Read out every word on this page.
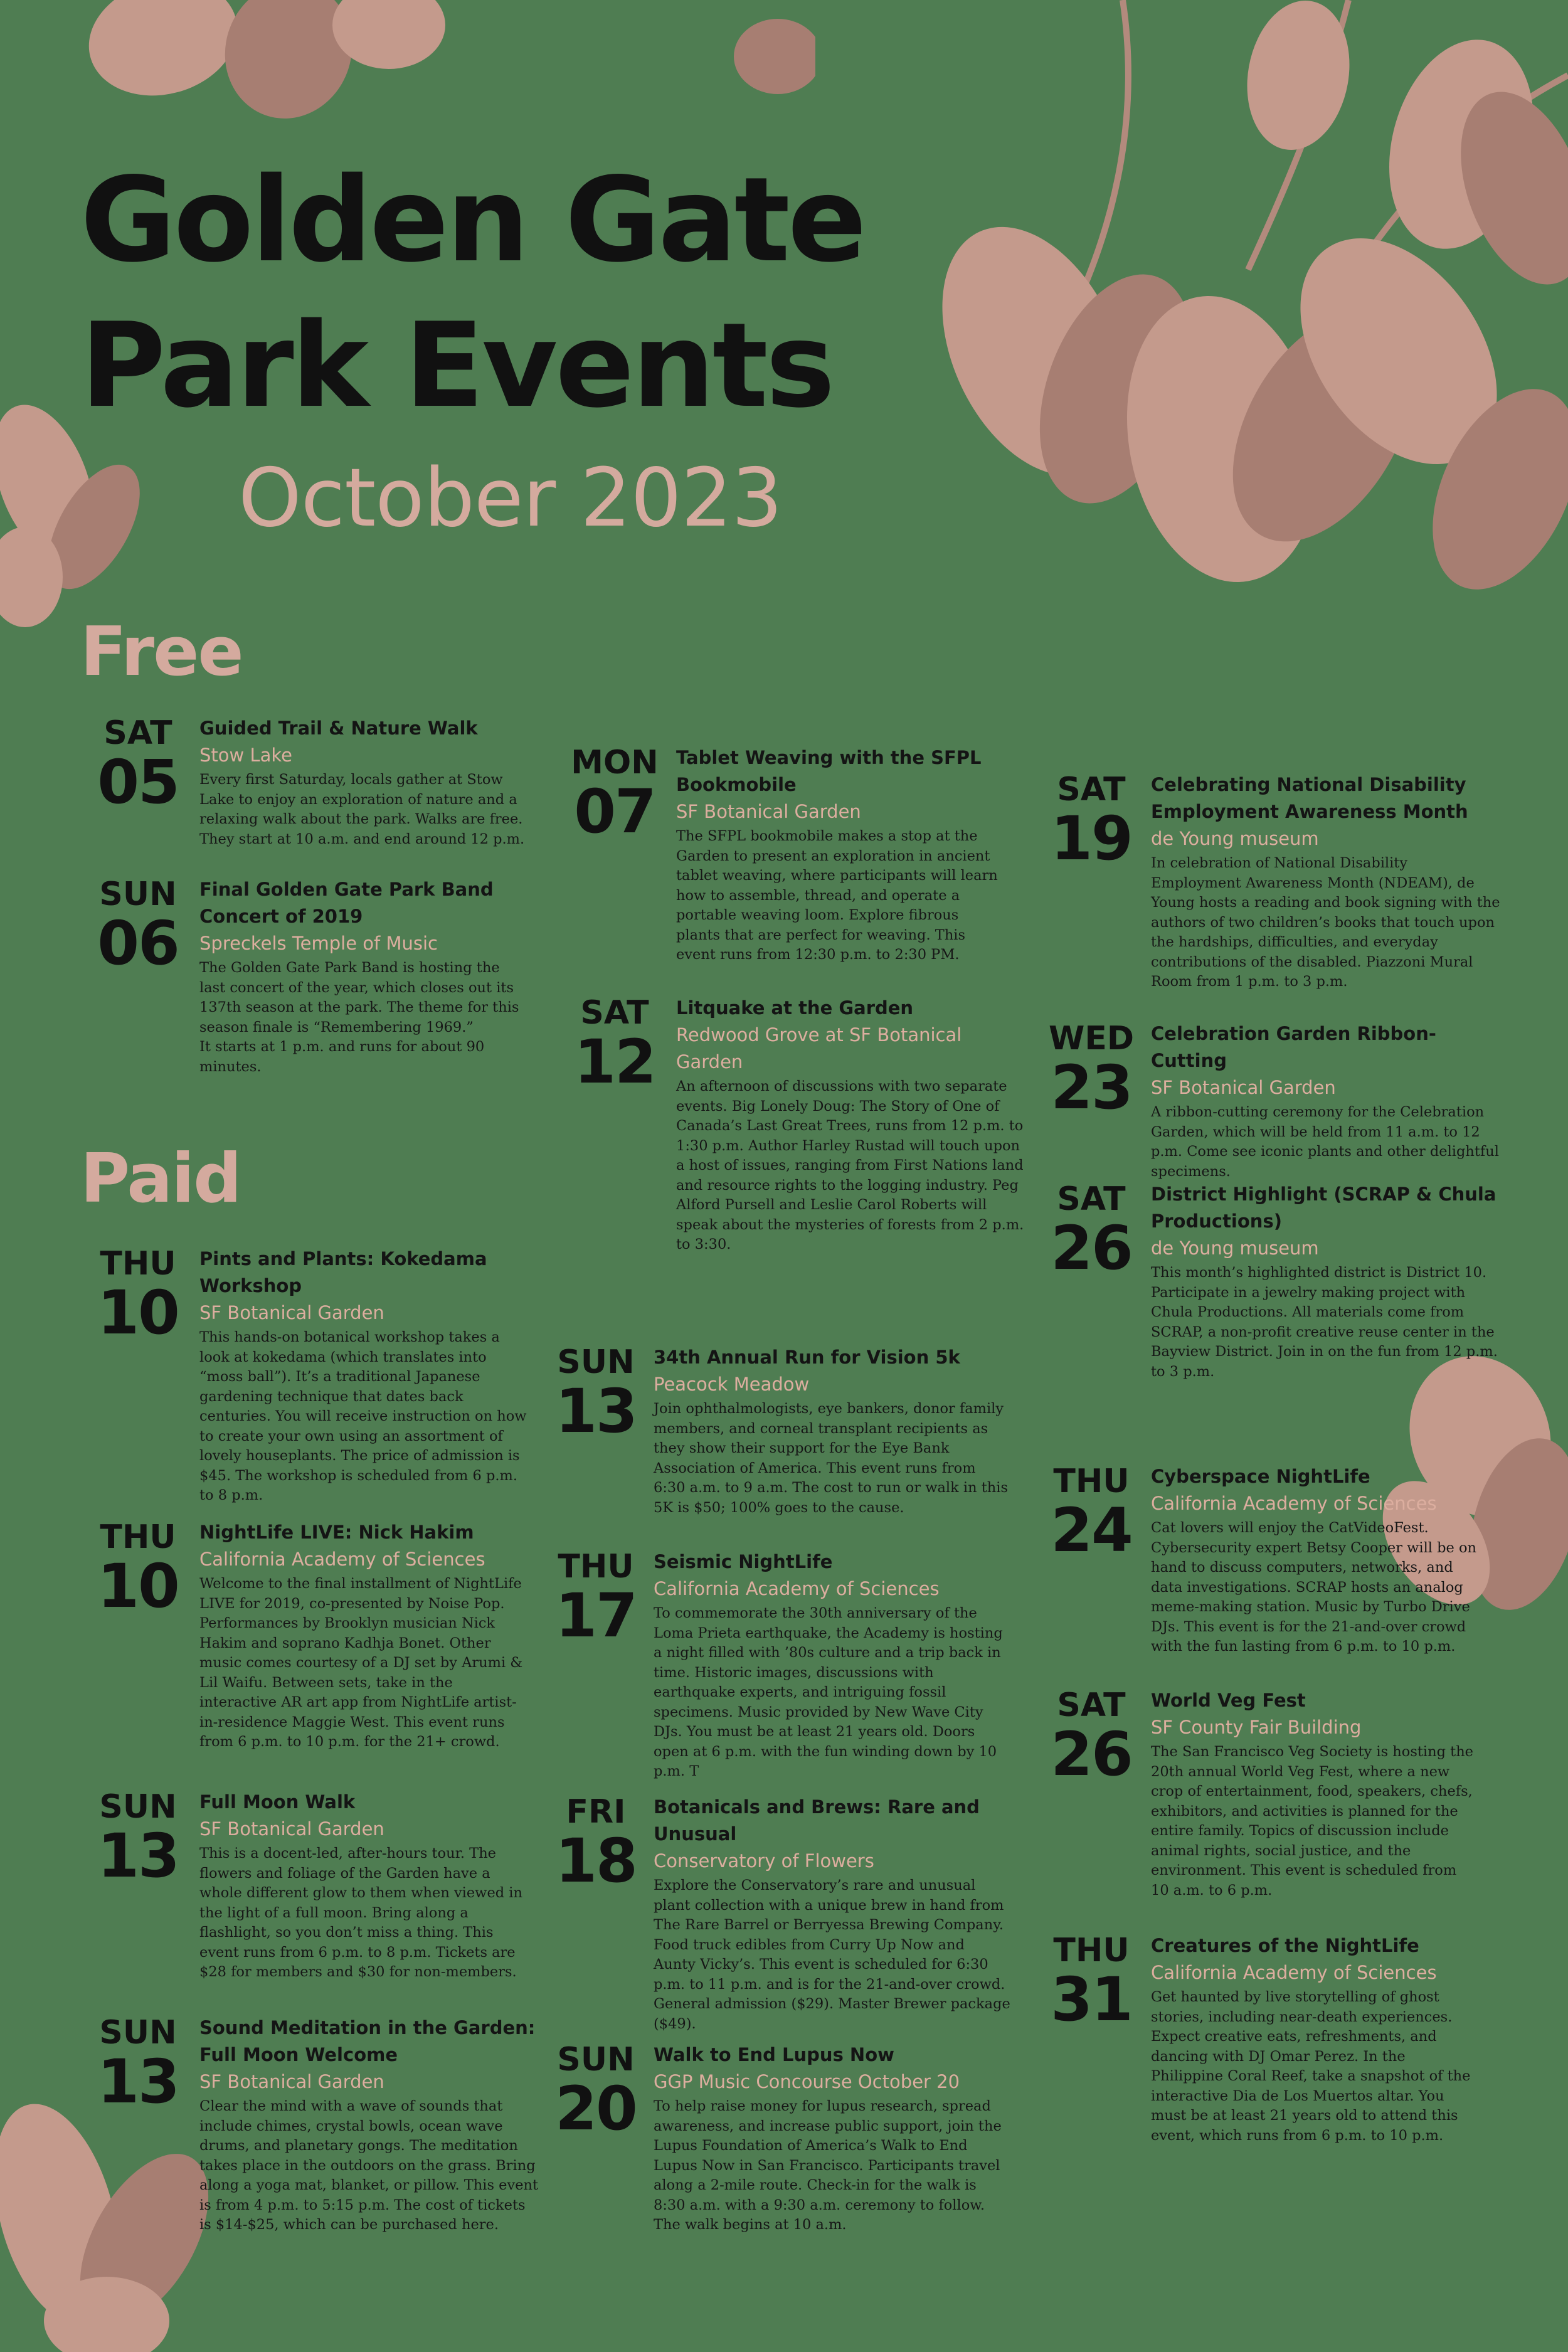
Golden Gate
Park Events
October 2023
Free
Paid
SAT
05
Guided Trail & Nature Walk
Stow Lake
Every first Saturday, locals gather at Stow Lake to enjoy an exploration of nature and a relaxing walk about the park. Walks are free. They start at 10 a.m. and end around 12 p.m.
SUN
06
Final Golden Gate Park Band Concert of 2019
Spreckels Temple of Music
The Golden Gate Park Band is hosting the last concert of the year, which closes out its 137th season at the park. The theme for this season finale is “Remembering 1969.”
It starts at 1 p.m. and runs for about 90 minutes.
THU
10
Pints and Plants: Kokedama Workshop
SF Botanical Garden
This hands-on botanical workshop takes a look at kokedama (which translates into “moss ball”). It’s a traditional Japanese gardening technique that dates back centuries. You will receive instruction on how to create your own using an assortment of lovely houseplants. The price of admission is $45. The workshop is scheduled from 6 p.m. to 8 p.m.
THU
10
NightLife LIVE: Nick Hakim
California Academy of Sciences
Welcome to the final installment of NightLife LIVE for 2019, co-presented by Noise Pop. Performances by Brooklyn musician Nick Hakim and soprano Kadhja Bonet. Other music comes courtesy of a DJ set by Arumi & Lil Waifu. Between sets, take in the interactive AR art app from NightLife artist-in-residence Maggie West. This event runs from 6 p.m. to 10 p.m. for the 21+ crowd.
SUN
13
Full Moon Walk
SF Botanical Garden
This is a docent-led, after-hours tour. The flowers and foliage of the Garden have a whole different glow to them when viewed in the light of a full moon. Bring along a flashlight, so you don’t miss a thing. This event runs from 6 p.m. to 8 p.m. Tickets are $28 for members and $30 for non-members.
SUN
13
Sound Meditation in the Garden: Full Moon Welcome
SF Botanical Garden
Clear the mind with a wave of sounds that include chimes, crystal bowls, ocean wave drums, and planetary gongs. The meditation takes place in the outdoors on the grass. Bring along a yoga mat, blanket, or pillow. This event is from 4 p.m. to 5:15 p.m. The cost of tickets is $14-$25, which can be purchased here.
MON
07
Tablet Weaving with the SFPL Bookmobile
SF Botanical Garden
The SFPL bookmobile makes a stop at the Garden to present an exploration in ancient tablet weaving, where participants will learn how to assemble, thread, and operate a portable weaving loom. Explore fibrous plants that are perfect for weaving. This event runs from 12:30 p.m. to 2:30 PM.
SAT
12
Litquake at the Garden
Redwood Grove at SF Botanical Garden
An afternoon of discussions with two separate events. Big Lonely Doug: The Story of One of Canada’s Last Great Trees, runs from 12 p.m. to 1:30 p.m. Author Harley Rustad will touch upon a host of issues, ranging from First Nations land and resource rights to the logging industry. Peg Alford Pursell and Leslie Carol Roberts will speak about the mysteries of forests from 2 p.m. to 3:30.
SUN
13
34th Annual Run for Vision 5k
Peacock Meadow
Join ophthalmologists, eye bankers, donor family members, and corneal transplant recipients as they show their support for the Eye Bank Association of America. This event runs from 6:30 a.m. to 9 a.m. The cost to run or walk in this 5K is $50; 100% goes to the cause.
THU
17
Seismic NightLife
California Academy of Sciences
To commemorate the 30th anniversary of the Loma Prieta earthquake, the Academy is hosting a night filled with ’80s culture and a trip back in time. Historic images, discussions with earthquake experts, and intriguing fossil specimens. Music provided by New Wave City DJs. You must be at least 21 years old. Doors open at 6 p.m. with the fun winding down by 10 p.m. T
FRI
18
Botanicals and Brews: Rare and Unusual
Conservatory of Flowers
Explore the Conservatory’s rare and unusual plant collection with a unique brew in hand from The Rare Barrel or Berryessa Brewing Company. Food truck edibles from Curry Up Now and Aunty Vicky’s. This event is scheduled for 6:30 p.m. to 11 p.m. and is for the 21-and-over crowd. General admission ($29). Master Brewer package ($49).
SUN
20
Walk to End Lupus Now
GGP Music Concourse October 20
To help raise money for lupus research, spread awareness, and increase public support, join the Lupus Foundation of America’s Walk to End Lupus Now in San Francisco. Participants travel along a 2-mile route. Check-in for the walk is 8:30 a.m. with a 9:30 a.m. ceremony to follow. The walk begins at 10 a.m.
SAT
19
Celebrating National Disability Employment Awareness Month
de Young museum
In celebration of National Disability Employment Awareness Month (NDEAM), de Young hosts a reading and book signing with the authors of two children’s books that touch upon the hardships, difficulties, and everyday contributions of the disabled. Piazzoni Mural Room from 1 p.m. to 3 p.m.
WED
23
Celebration Garden Ribbon-Cutting
SF Botanical Garden
A ribbon-cutting ceremony for the Celebration Garden, which will be held from 11 a.m. to 12 p.m. Come see iconic plants and other delightful specimens.
SAT
26
District Highlight (SCRAP & Chula Productions)
de Young museum
This month’s highlighted district is District 10. Participate in a jewelry making project with Chula Productions. All materials come from SCRAP, a non-profit creative reuse center in the Bayview District. Join in on the fun from 12 p.m. to 3 p.m.
THU
24
Cyberspace NightLife
California Academy of Sciences
Cat lovers will enjoy the CatVideoFest. Cybersecurity expert Betsy Cooper will be on hand to discuss computers, networks, and data investigations. SCRAP hosts an analog meme-making station. Music by Turbo Drive DJs. This event is for the 21-and-over crowd with the fun lasting from 6 p.m. to 10 p.m.
SAT
26
World Veg Fest
SF County Fair Building
The San Francisco Veg Society is hosting the 20th annual World Veg Fest, where a new crop of entertainment, food, speakers, chefs, exhibitors, and activities is planned for the entire family. Topics of discussion include animal rights, social justice, and the environment. This event is scheduled from 10 a.m. to 6 p.m.
THU
31
Creatures of the NightLife
California Academy of Sciences
Get haunted by live storytelling of ghost stories, including near-death experiences. Expect creative eats, refreshments, and dancing with DJ Omar Perez. In the Philippine Coral Reef, take a snapshot of the interactive Dia de Los Muertos altar. You must be at least 21 years old to attend this event, which runs from 6 p.m. to 10 p.m.
